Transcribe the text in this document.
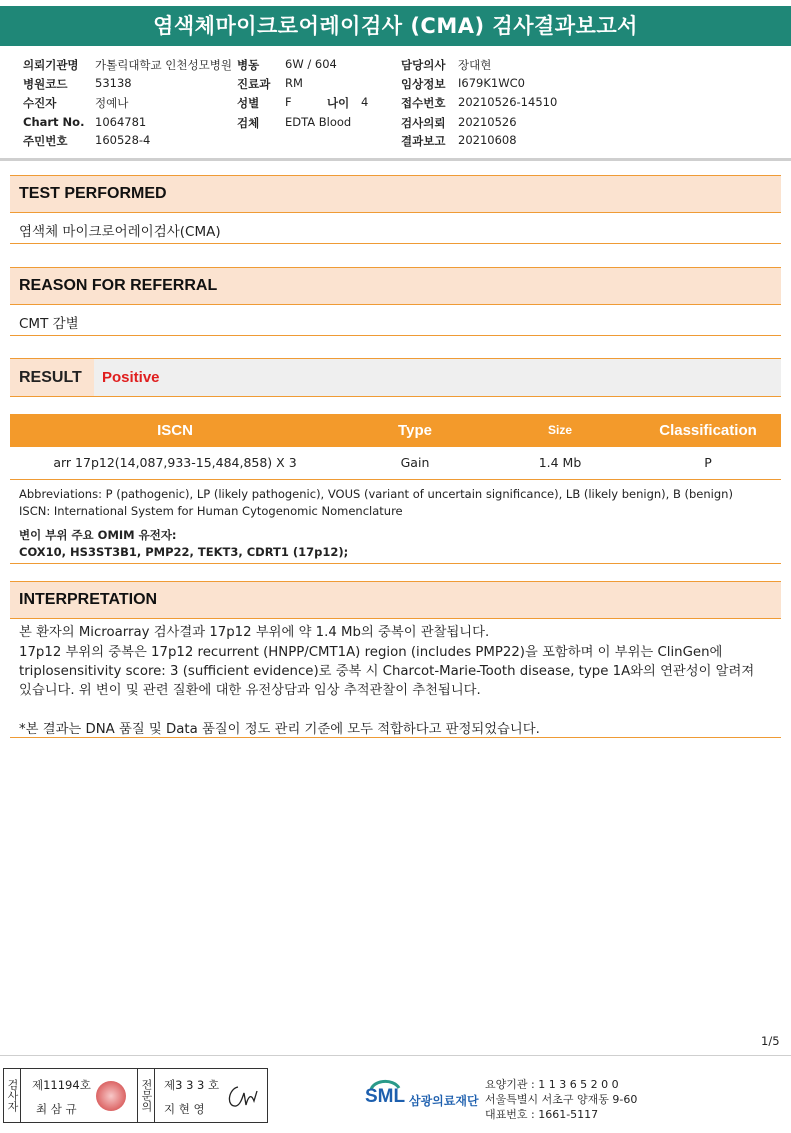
염색체마이크로어레이검사 (CMA) 검사결과보고서
의뢰기관명 가톨릭대학교 인천성모병원 병동 6W / 604	담당의사 장대현
병원코드 53138	진료과 RM	임상정보 I679K1WC0
수진자	정예나	성별 F	나이 4	접수번호 20210526-14510
Chart No. 1064781	검체 EDTA Blood	검사의뢰 20210526
주민번호 160528-4	결과보고 20210608
TEST PERFORMED
염색체 마이크로어레이검사(CMA)
REASON FOR REFERRAL
CMT 감별
RESULT	Positive
ISCN	Type	Size	Classification
arr 17p12(14,087,933-15,484,858) X 3	Gain	1.4 Mb	P
Abbreviations: P (pathogenic), LP (likely pathogenic), VOUS (variant of uncertain significance), LB (likely benign), B (benign)
ISCN: International System for Human Cytogenomic Nomenclature
변이 부위 주요 OMIM 유전자:
COX10, HS3ST3B1, PMP22, TEKT3, CDRT1 (17p12);
INTERPRETATION
본 환자의 Microarray 검사결과 17p12 부위에 약 1.4 Mb의 중복이 관찰됩니다.
17p12 부위의 중복은 17p12 recurrent (HNPP/CMT1A) region (includes PMP22)을 포함하며 이 부위는 ClinGen에
triplosensitivity score: 3 (sufficient evidence)로 중복 시 Charcot-Marie-Tooth disease, type 1A와의 연관성이 알려져
있습니다. 위 변이 및 관련 질환에 대한 유전상담과 임상 추적관찰이 추천됩니다.
*본 결과는 DNA 품질 및 Data 품질이 정도 관리 기준에 모두 적합하다고 판정되었습니다.
1/5
검사자 제11194호
최 삼 규	전문의 제3 3 3 호
지 현 영
SML 삼광의료재단
요양기관 : 1 1 3 6 5 2 0 0
서울특별시 서초구 양재동 9-60
대표번호 : 1661-5117
